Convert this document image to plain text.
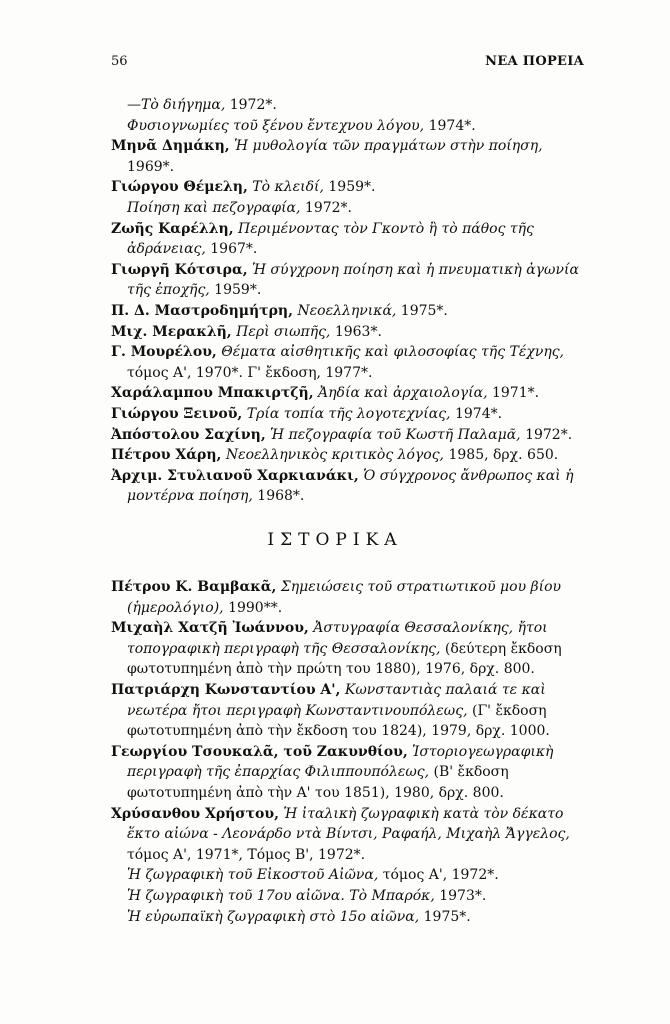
56	ΝΕΑ ΠΟΡΕΙΑ

—Τὸ διήγημα, 1972*.

Φυσιογνωμίες τοῦ ξένου ἔντεχνου λόγου, 1974*.

Μηνᾶ Δημάκη, Ἡ μυθολογία τῶν πραγμάτων στὴν ποίηση, 1969*.

Γιώργου Θέμελη, Τὸ κλειδί, 1959*.

Ποίηση καὶ πεζογραφία, 1972*.

Ζωῆς Καρέλλη, Περιμένοντας τὸν Γκοντὸ ἢ τὸ πάθος τῆς ἀδράνειας, 1967*.

Γιωργῆ Κότσιρα, Ἡ σύγχρονη ποίηση καὶ ἡ πνευματικὴ ἀγωνία τῆς ἐποχῆς, 1959*.

Π. Δ. Μαστροδημήτρη, Νεοελληνικά, 1975*.

Μιχ. Μερακλῆ, Περὶ σιωπῆς, 1963*.

Γ. Μουρέλου, Θέματα αἰσθητικῆς καὶ φιλοσοφίας τῆς Τέχνης, τόμος Α', 1970*. Γ' ἔκδοση, 1977*.

Χαράλαμπου Μπακιρτζῆ, Ἀηδία καὶ ἀρχαιολογία, 1971*.

Γιώργου Ξεινοῦ, Τρία τοπία τῆς λογοτεχνίας, 1974*.

Ἀπόστολου Σαχίνη, Ἡ πεζογραφία τοῦ Κωστῆ Παλαμᾶ, 1972*.

Πέτρου Χάρη, Νεοελληνικὸς κριτικὸς λόγος, 1985, δρχ. 650.

Ἀρχιμ. Στυλιανοῦ Χαρκιανάκι, Ὁ σύγχρονος ἄνθρωπος καὶ ἡ μοντέρνα ποίηση, 1968*.

ΙΣΤΟΡΙΚΑ

Πέτρου Κ. Βαμβακᾶ, Σημειώσεις τοῦ στρατιωτικοῦ μου βίου (ἡμερολόγιο), 1990**.

Μιχαὴλ Χατζῆ Ἰωάννου, Ἀστυγραφία Θεσσαλονίκης, ἤτοι τοπογραφικὴ περιγραφὴ τῆς Θεσσαλονίκης, (δεύτερη ἔκδοση φωτοτυπημένη ἀπὸ τὴν πρώτη του 1880), 1976, δρχ. 800.

Πατριάρχη Κωνσταντίου Α', Κωνσταντιὰς παλαιά τε καὶ νεωτέρα ἤτοι περιγραφὴ Κωνσταντινουπόλεως, (Γ' ἔκδοση φωτοτυπημένη ἀπὸ τὴν ἔκδοση του 1824), 1979, δρχ. 1000.

Γεωργίου Τσουκαλᾶ, τοῦ Ζακυνθίου, Ἱστοριογεωγραφικὴ περιγραφὴ τῆς ἐπαρχίας Φιλιππουπόλεως, (Β' ἔκδοση φωτοτυπημένη ἀπὸ τὴν Α' του 1851), 1980, δρχ. 800.

Χρύσανθου Χρήστου, Ἡ ἰταλικὴ ζωγραφικὴ κατὰ τὸν δέκατο ἕκτο αἰώνα - Λεονάρδο ντὰ Βίντσι, Ραφαήλ, Μιχαὴλ Ἄγγελος, τόμος Α', 1971*, Τόμος Β', 1972*.

Ἡ ζωγραφικὴ τοῦ Εἰκοστοῦ Αἰῶνα, τόμος Α', 1972*.

Ἡ ζωγραφικὴ τοῦ 17ου αἰῶνα. Τὸ Μπαρόκ, 1973*.

Ἡ εὐρωπαϊκὴ ζωγραφικὴ στὸ 15ο αἰῶνα, 1975*.
